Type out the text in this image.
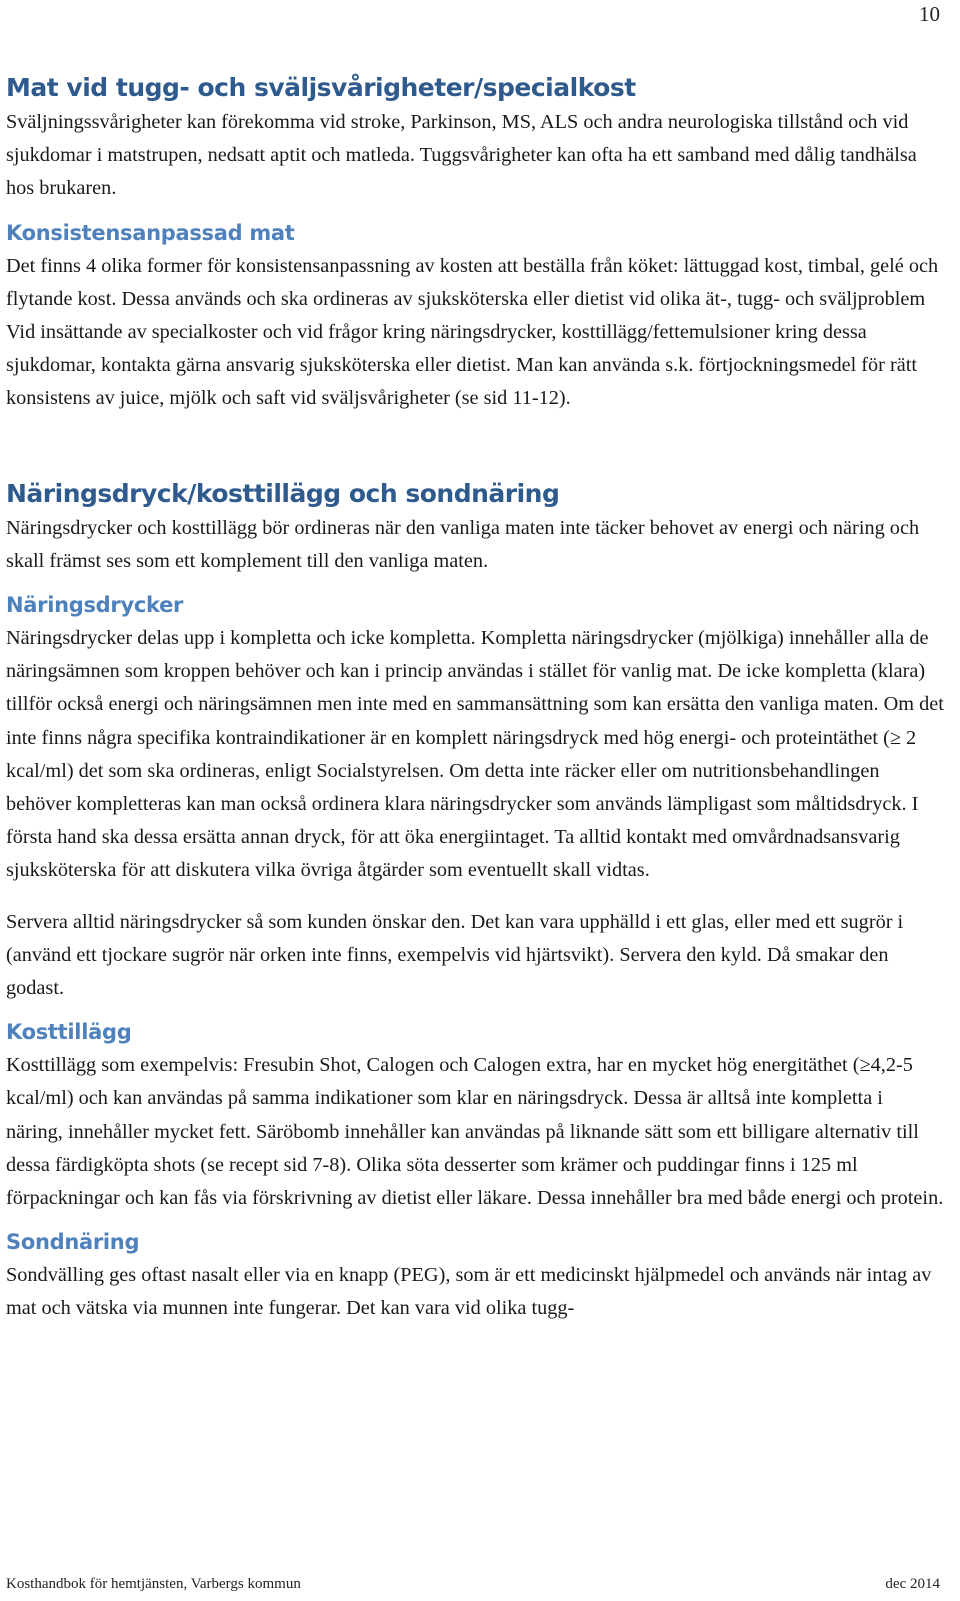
10
Mat vid tugg- och sväljsvårigheter/specialkost

Sväljningssvårigheter kan förekomma vid stroke, Parkinson, MS, ALS och andra neurologiska tillstånd och vid sjukdomar i matstrupen, nedsatt aptit och matleda. Tuggsvårigheter kan ofta ha ett samband med dålig tandhälsa hos brukaren.

Konsistensanpassad mat

Det finns 4 olika former för konsistensanpassning av kosten att beställa från köket: lättuggad kost, timbal, gelé och flytande kost. Dessa används och ska ordineras av sjuksköterska eller dietist vid olika ät-, tugg- och sväljproblem Vid insättande av specialkoster och vid frågor kring näringsdrycker, kosttillägg/fettemulsioner kring dessa sjukdomar, kontakta gärna ansvarig sjuksköterska eller dietist. Man kan använda s.k. förtjockningsmedel för rätt konsistens av juice, mjölk och saft vid sväljsvårigheter (se sid 11-12).

Näringsdryck/kosttillägg och sondnäring

Näringsdrycker och kosttillägg bör ordineras när den vanliga maten inte täcker behovet av energi och näring och skall främst ses som ett komplement till den vanliga maten.

Näringsdrycker

Näringsdrycker delas upp i kompletta och icke kompletta. Kompletta näringsdrycker (mjölkiga) innehåller alla de näringsämnen som kroppen behöver och kan i princip användas i stället för vanlig mat. De icke kompletta (klara) tillför också energi och näringsämnen men inte med en sammansättning som kan ersätta den vanliga maten. Om det inte finns några specifika kontraindikationer är en komplett näringsdryck med hög energi- och proteintäthet (≥ 2 kcal/ml) det som ska ordineras, enligt Socialstyrelsen. Om detta inte räcker eller om nutritionsbehandlingen behöver kompletteras kan man också ordinera klara näringsdrycker som används lämpligast som måltidsdryck. I första hand ska dessa ersätta annan dryck, för att öka energiintaget. Ta alltid kontakt med omvårdnadsansvarig sjuksköterska för att diskutera vilka övriga åtgärder som eventuellt skall vidtas.

Servera alltid näringsdrycker så som kunden önskar den. Det kan vara upphälld i ett glas, eller med ett sugrör i (använd ett tjockare sugrör när orken inte finns, exempelvis vid hjärtsvikt). Servera den kyld. Då smakar den godast.

Kosttillägg

Kosttillägg som exempelvis: Fresubin Shot, Calogen och Calogen extra, har en mycket hög energitäthet (≥4,2-5 kcal/ml) och kan användas på samma indikationer som klar en näringsdryck. Dessa är alltså inte kompletta i näring, innehåller mycket fett. Säröbomb innehåller kan användas på liknande sätt som ett billigare alternativ till dessa färdigköpta shots (se recept sid 7-8). Olika söta desserter som krämer och puddingar finns i 125 ml förpackningar och kan fås via förskrivning av dietist eller läkare. Dessa innehåller bra med både energi och protein.

Sondnäring

Sondvälling ges oftast nasalt eller via en knapp (PEG), som är ett medicinskt hjälpmedel och används när intag av mat och vätska via munnen inte fungerar. Det kan vara vid olika tugg-

Kosthandbok för hemtjänsten, Varbergs kommun	dec 2014
